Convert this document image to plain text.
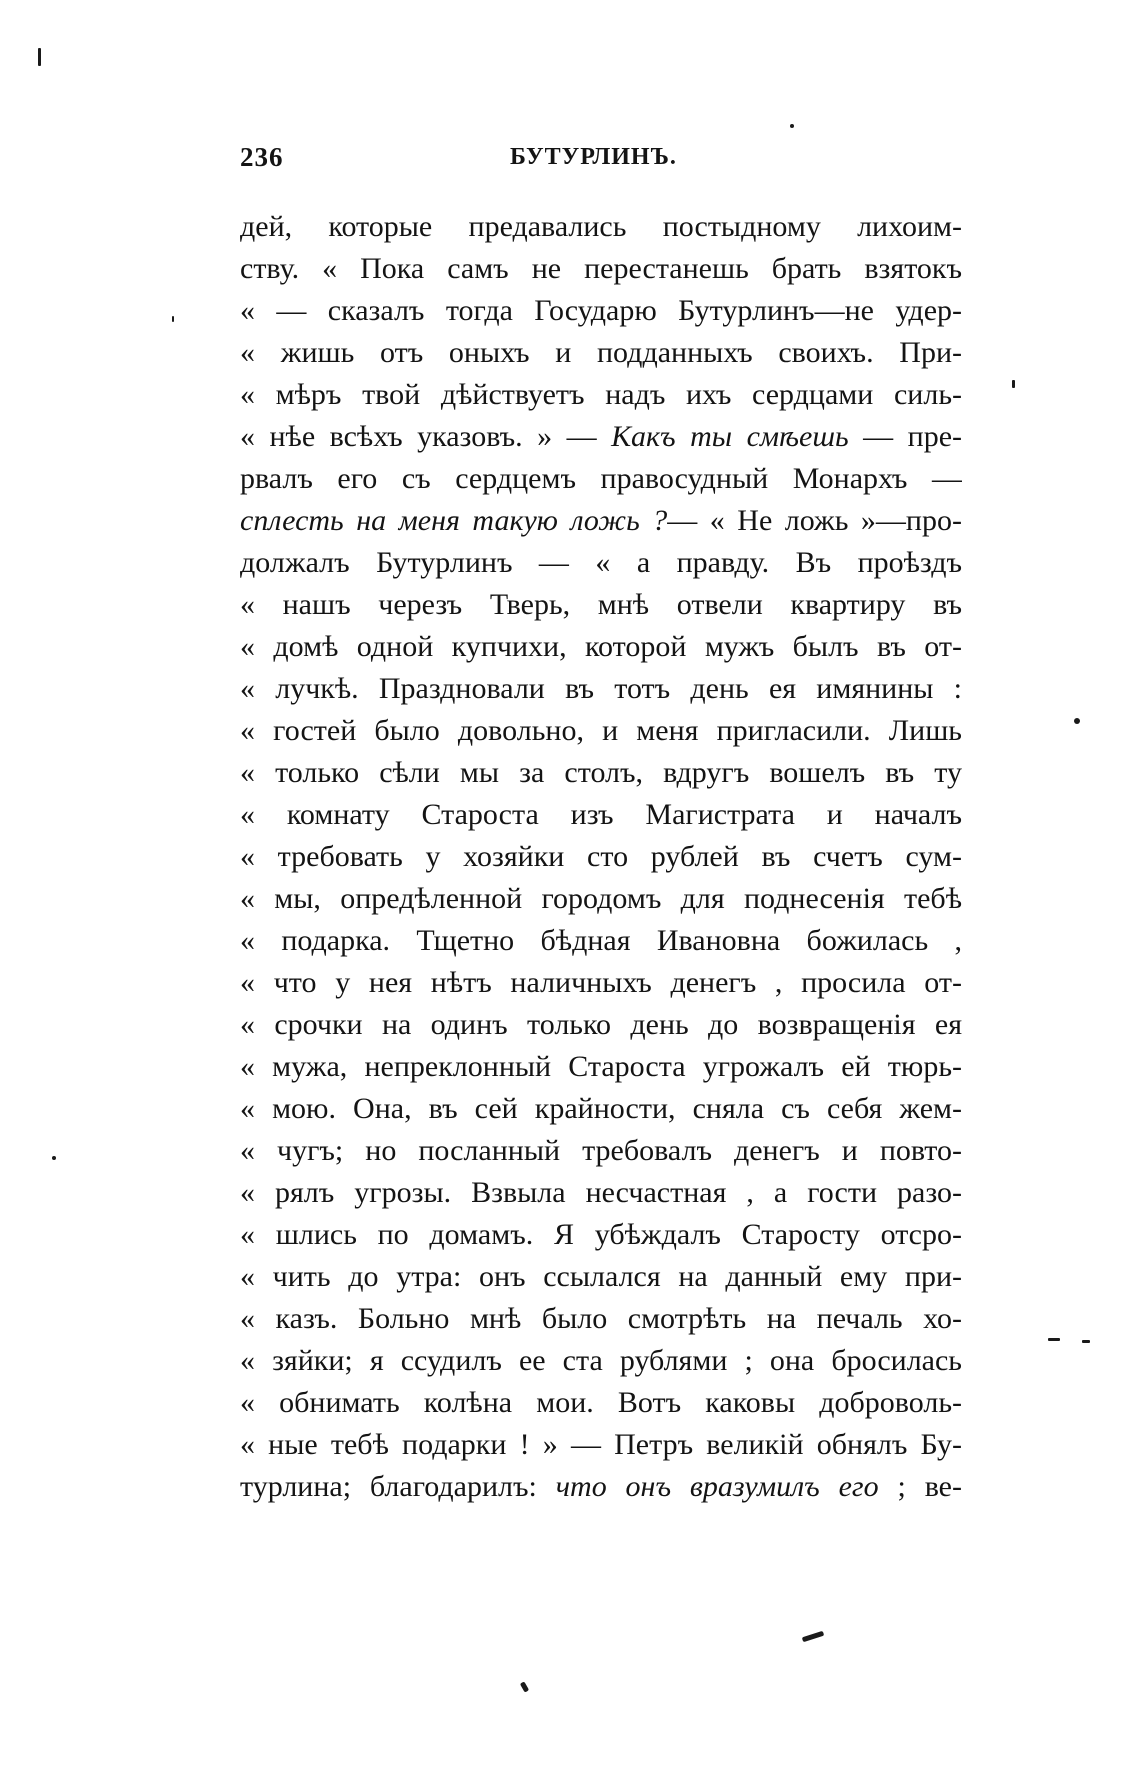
236	БУТУРЛИНЪ.
дей, которые предавались постыдному лихоим-
ству. « Пока самъ не перестанешь брать взятокъ
« — сказалъ тогда Государю Бутурлинъ—не удер-
« жишь отъ оныхъ и подданныхъ своихъ. При-
« мѣръ твой дѣйствуетъ надъ ихъ сердцами силь-
« нѣе всѣхъ указовъ. » — Какъ ты смѣешь — пре-
рвалъ его съ сердцемъ правосудный Монархъ —
сплесть на меня такую ложь ?— « Не ложь »—про-
должалъ Бутурлинъ — « а правду. Въ проѣздъ
« нашъ черезъ Тверь, мнѣ отвели квартиру въ
« домѣ одной купчихи, которой мужъ былъ въ от-
« лучкѣ. Праздновали въ тотъ день ея имянины :
« гостей было довольно, и меня пригласили. Лишь
« только сѣли мы за столъ, вдругъ вошелъ въ ту
« комнату Староста изъ Магистрата и началъ
« требовать у хозяйки сто рублей въ счетъ сум-
« мы, опредѣленной городомъ для поднесенія тебѣ
« подарка. Тщетно бѣдная Ивановна божилась ,
« что у нея нѣтъ наличныхъ денегъ , просила от-
« срочки на одинъ только день до возвращенія ея
« мужа, непреклонный Староста угрожалъ ей тюрь-
« мою. Она, въ сей крайности, сняла съ себя жем-
« чугъ; но посланный требовалъ денегъ и повто-
« рялъ угрозы. Взвыла несчастная , а гости разо-
« шлись по домамъ. Я убѣждалъ Старосту отсро-
« чить до утра: онъ ссылался на данный ему при-
« казъ. Больно мнѣ было смотрѣть на печаль хо-
« зяйки; я ссудилъ ее ста рублями ; она бросилась
« обнимать колѣна мои. Вотъ каковы доброволь-
« ные тебѣ подарки ! » — Петръ великій обнялъ Бу-
турлина; благодарилъ: что онъ вразумилъ его ; ве-
